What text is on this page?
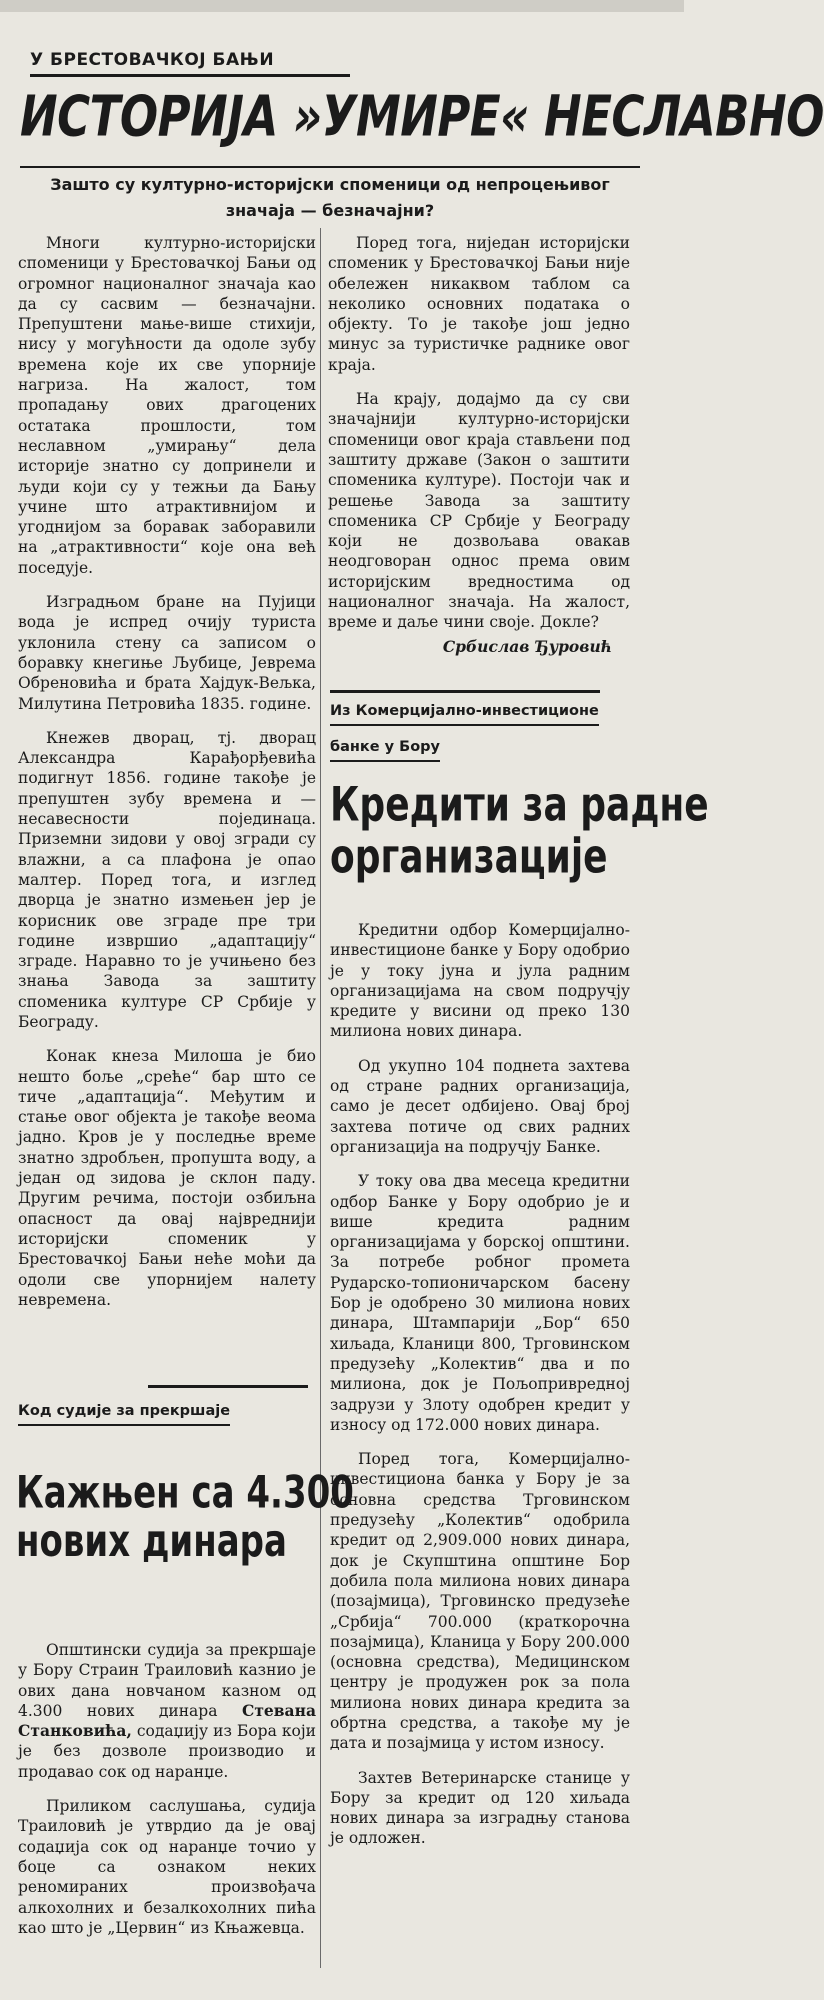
У БРЕСТОВАЧКОЈ БАЊИ
ИСТОРИЈА »УМИРЕ« НЕСЛАВНО
Зашто су културно-историјски споменици од непроцењивог значаја — безначајни?

Многи културно-историјски споменици у Брестовачкој Бањи од огромног националног значаја као да су сасвим — безначајни. Препуштени мање-више стихији, нису у могућности да одоле зубу времена које их све упорније нагриза. На жалост, том пропадању ових драгоцених остатака прошлости, том неславном „умирању“ дела историје знатно су допринели и људи који су у тежњи да Бању учине што атрактивнијом и угоднијом за боравак заборавили на „атрактивности“ које она већ поседује.

Изградњом бране на Пујици вода је испред очију туриста уклонила стену са записом о боравку кнегиње Љубице, Јеврема Обреновића и брата Хајдук-Вељка, Милутина Петровића 1835. године.

Кнежев дворац, тј. дворац Александра Карађорђевића подигнут 1856. године такође је препуштен зубу времена и — несавесности појединаца. Приземни зидови у овој згради су влажни, а са плафона је опао малтер. Поред тога, и изглед дворца је знатно измењен јер је корисник ове зграде пре три године извршио „адаптацију“ зграде. Наравно то је учињено без знања Завода за заштиту споменика културе СР Србије у Београду.

Конак кнеза Милоша је био нешто боље „среће“ бар што се тиче „адаптација“. Међутим и стање овог објекта је такође веома јадно. Кров је у последње време знатно здробљен, пропушта воду, а један од зидова је склон паду. Другим речима, постоји озбиљна опасност да овај највреднији историјски споменик у Брестовачкој Бањи неће моћи да одоли све упорнијем налету невремена.

Код судије за прекршаје
Кажњен са 4.300
нових динара

Општински судија за прекршаје у Бору Страин Траиловић казнио је ових дана новчаном казном од 4.300 нових динара Стевана Станковића, содаџију из Бора који је без дозволе производио и продавао сок од наранџе.

Приликом саслушања, судија Траиловић је утврдио да је овај содаџија сок од наранџе точио у боце са ознаком неких реномираних произвођача алкохолних и безалкохолних пића као што је „Цервин“ из Књажевца.

Поред тога, ниједан историјски споменик у Брестовачкој Бањи није обележен никаквом таблом са неколико основних података о објекту. То је такође још једно минус за туристичке раднике овог краја.

На крају, додајмо да су сви значајнији културно-историјски споменици овог краја стављени под заштиту државе (Закон о заштити споменика културе). Постоји чак и решење Завода за заштиту споменика СР Србије у Београду који не дозвољава овакав неодговоран однос према овим историјским вредностима од националног значаја. На жалост, време и даље чини своје. Докле?

Србислав Ђуровић
Из Комерцијално-инвестиционе
банке у Бору
Кредити за радне
организације

Кредитни одбор Комерцијално-инвестиционе банке у Бору одобрио је у току јуна и јула радним организацијама на свом подручју кредите у висини од преко 130 милиона нових динара.

Од укупно 104 поднета захтева од стране радних организација, само је десет одбијено. Овај број захтева потиче од свих радних организација на подручју Банке.

У току ова два месеца кредитни одбор Банке у Бору одобрио је и више кредита радним организацијама у борској општини. За потребе робног промета Рударско-топионичарском басену Бор је одобрено 30 милиона нових динара, Штампарији „Бор“ 650 хиљада, Кланици 800, Трговинском предузећу „Колектив“ два и по милиона, док је Пољопривредној задрузи у Злоту одобрен кредит у износу од 172.000 нових динара.

Поред тога, Комерцијално-инвестициона банка у Бору је за основна средства Трговинском предузећу „Колектив“ одобрила кредит од 2,909.000 нових динара, док је Скупштина општине Бор добила пола милиона нових динара (позајмица), Трговинско предузеће „Србија“ 700.000 (краткорочна позајмица), Кланица у Бору 200.000 (основна средства), Медицинском центру је продужен рок за пола милиона нових динара кредита за обртна средства, а такође му је дата и позајмица у истом износу.

Захтев Ветеринарске станице у Бору за кредит од 120 хиљада нових динара за изградњу станова је одложен.
